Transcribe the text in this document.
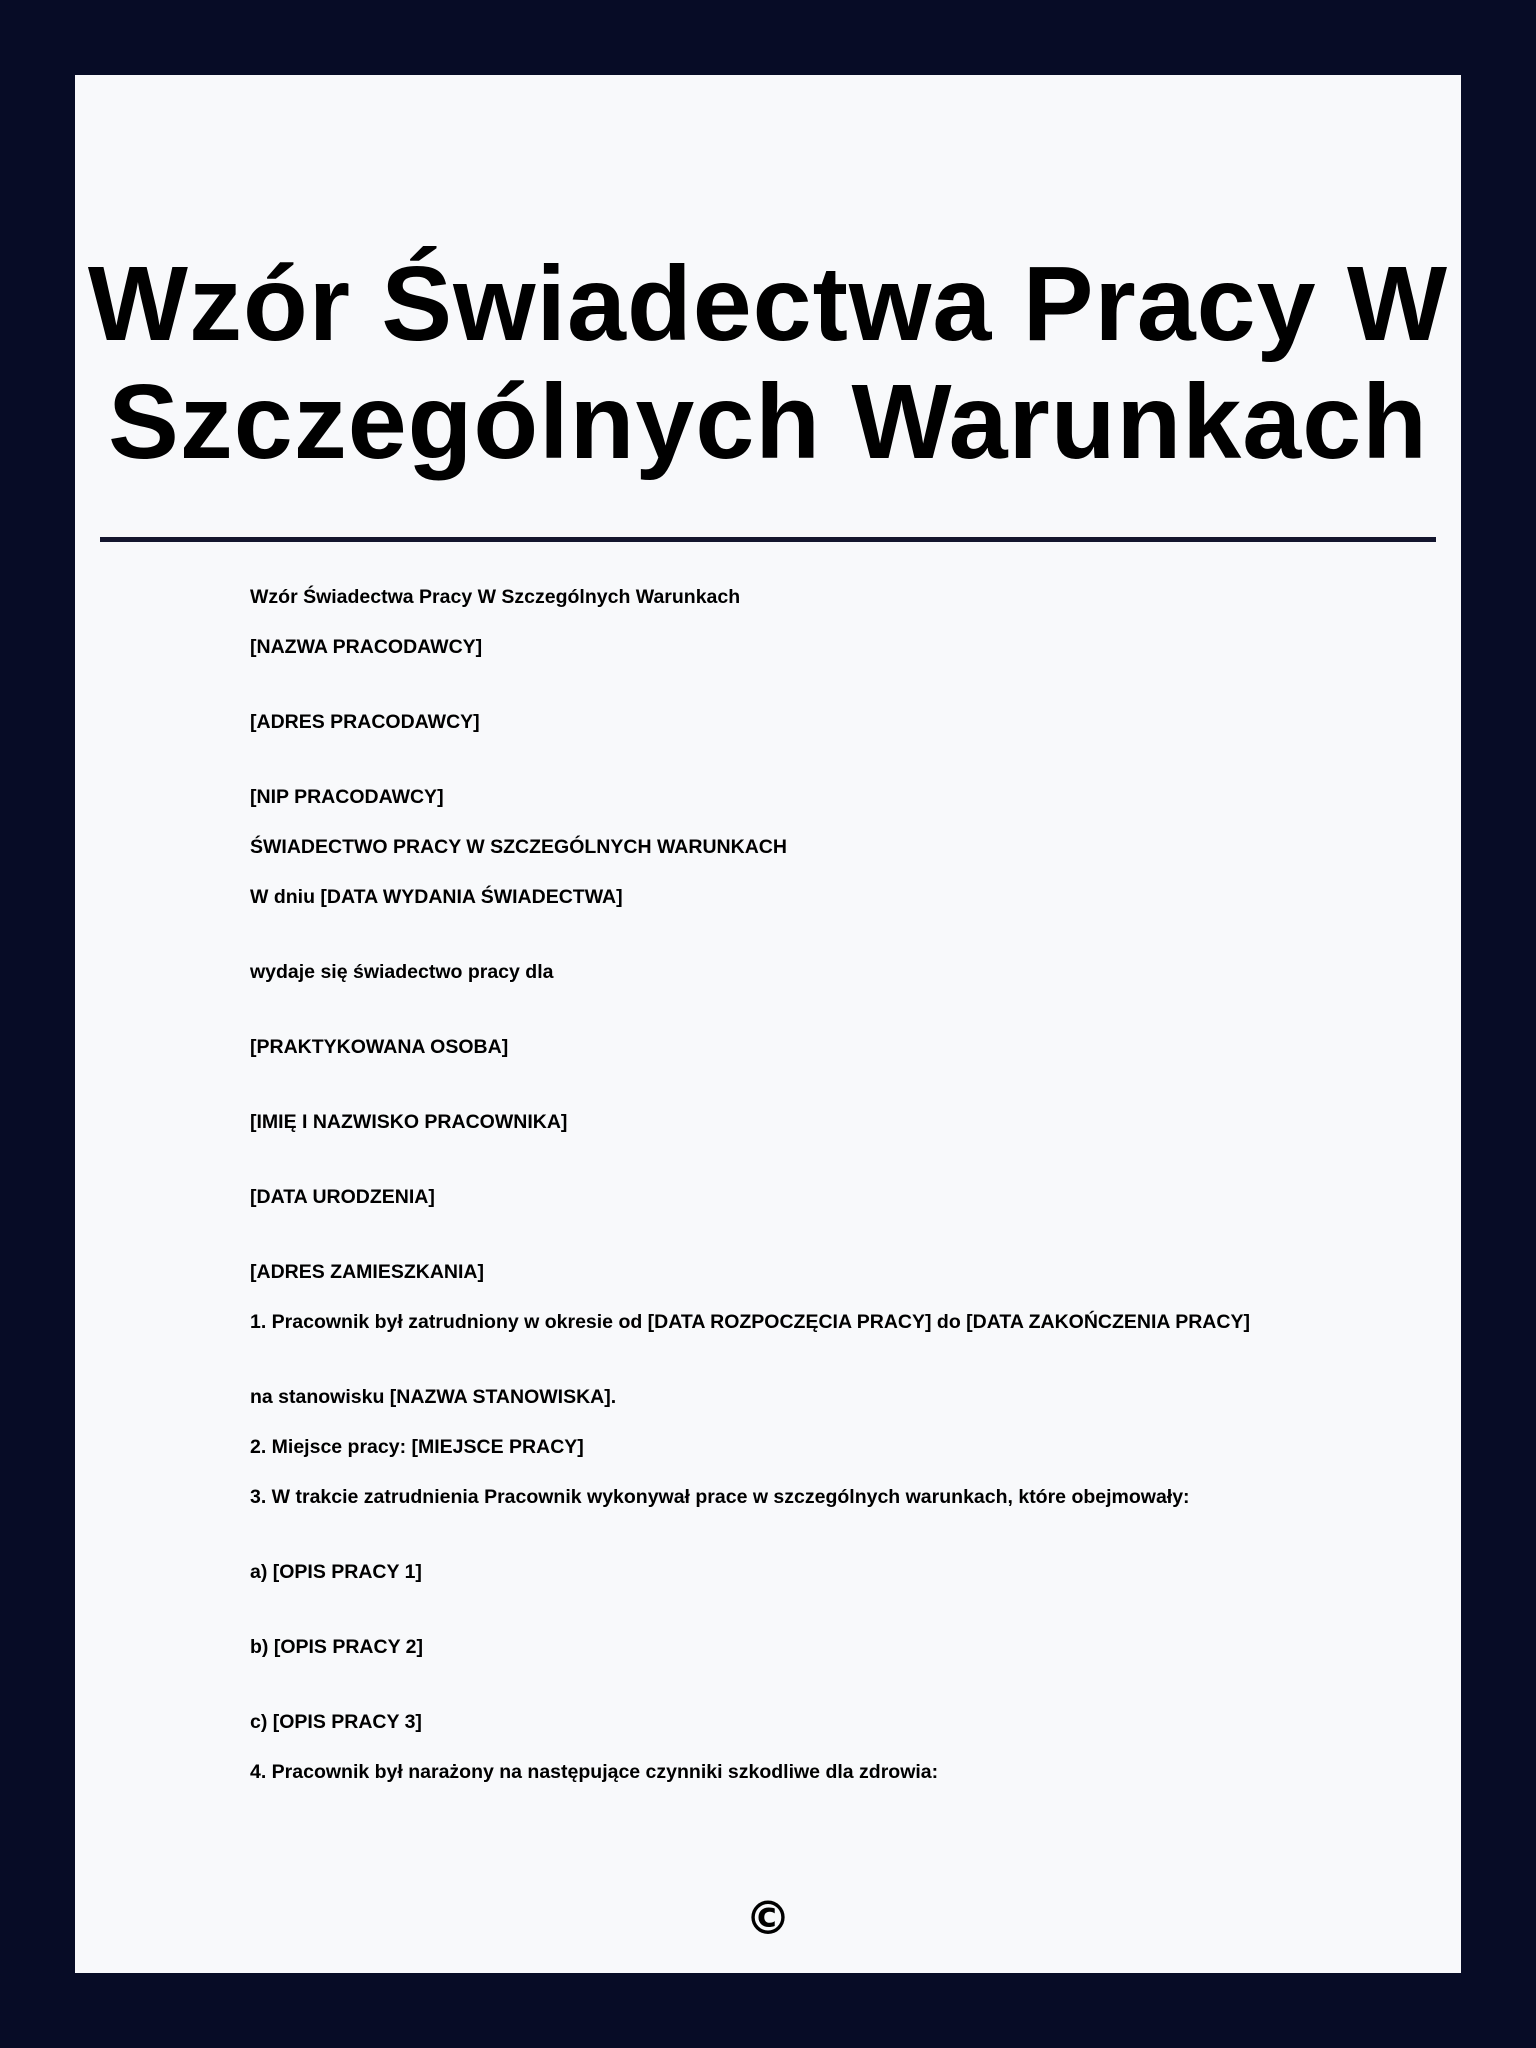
Wzór Świadectwa Pracy W Szczególnych Warunkach
Wzór Świadectwa Pracy W Szczególnych Warunkach
[NAZWA PRACODAWCY]
[ADRES PRACODAWCY]
[NIP PRACODAWCY]
ŚWIADECTWO PRACY W SZCZEGÓLNYCH WARUNKACH
W dniu [DATA WYDANIA ŚWIADECTWA]
wydaje się świadectwo pracy dla
[PRAKTYKOWANA OSOBA]
[IMIĘ I NAZWISKO PRACOWNIKA]
[DATA URODZENIA]
[ADRES ZAMIESZKANIA]
1. Pracownik był zatrudniony w okresie od [DATA ROZPOCZĘCIA PRACY] do [DATA ZAKOŃCZENIA PRACY]
na stanowisku [NAZWA STANOWISKA].
2. Miejsce pracy: [MIEJSCE PRACY]
3. W trakcie zatrudnienia Pracownik wykonywał prace w szczególnych warunkach, które obejmowały:
a) [OPIS PRACY 1]
b) [OPIS PRACY 2]
c) [OPIS PRACY 3]
4. Pracownik był narażony na następujące czynniki szkodliwe dla zdrowia:
©
